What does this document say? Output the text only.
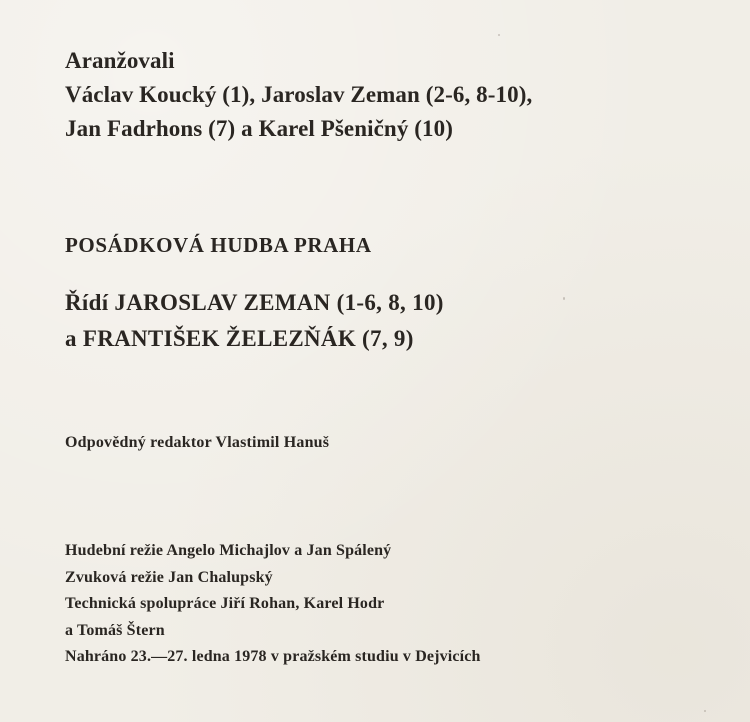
Aranžovali
Václav Koucký (1), Jaroslav Zeman (2-6, 8-10),
Jan Fadrhons (7) a Karel Pšeničný (10)
POSÁDKOVÁ HUDBA PRAHA
Řídí JAROSLAV ZEMAN (1-6, 8, 10)
a FRANTIŠEK ŽELEZŇÁK (7, 9)
Odpovědný redaktor Vlastimil Hanuš
Hudební režie Angelo Michajlov a Jan Spálený
Zvuková režie Jan Chalupský
Technická spolupráce Jiří Rohan, Karel Hodr
a Tomáš Štern
Nahráno 23.—27. ledna 1978 v pražském studiu v Dejvicích
